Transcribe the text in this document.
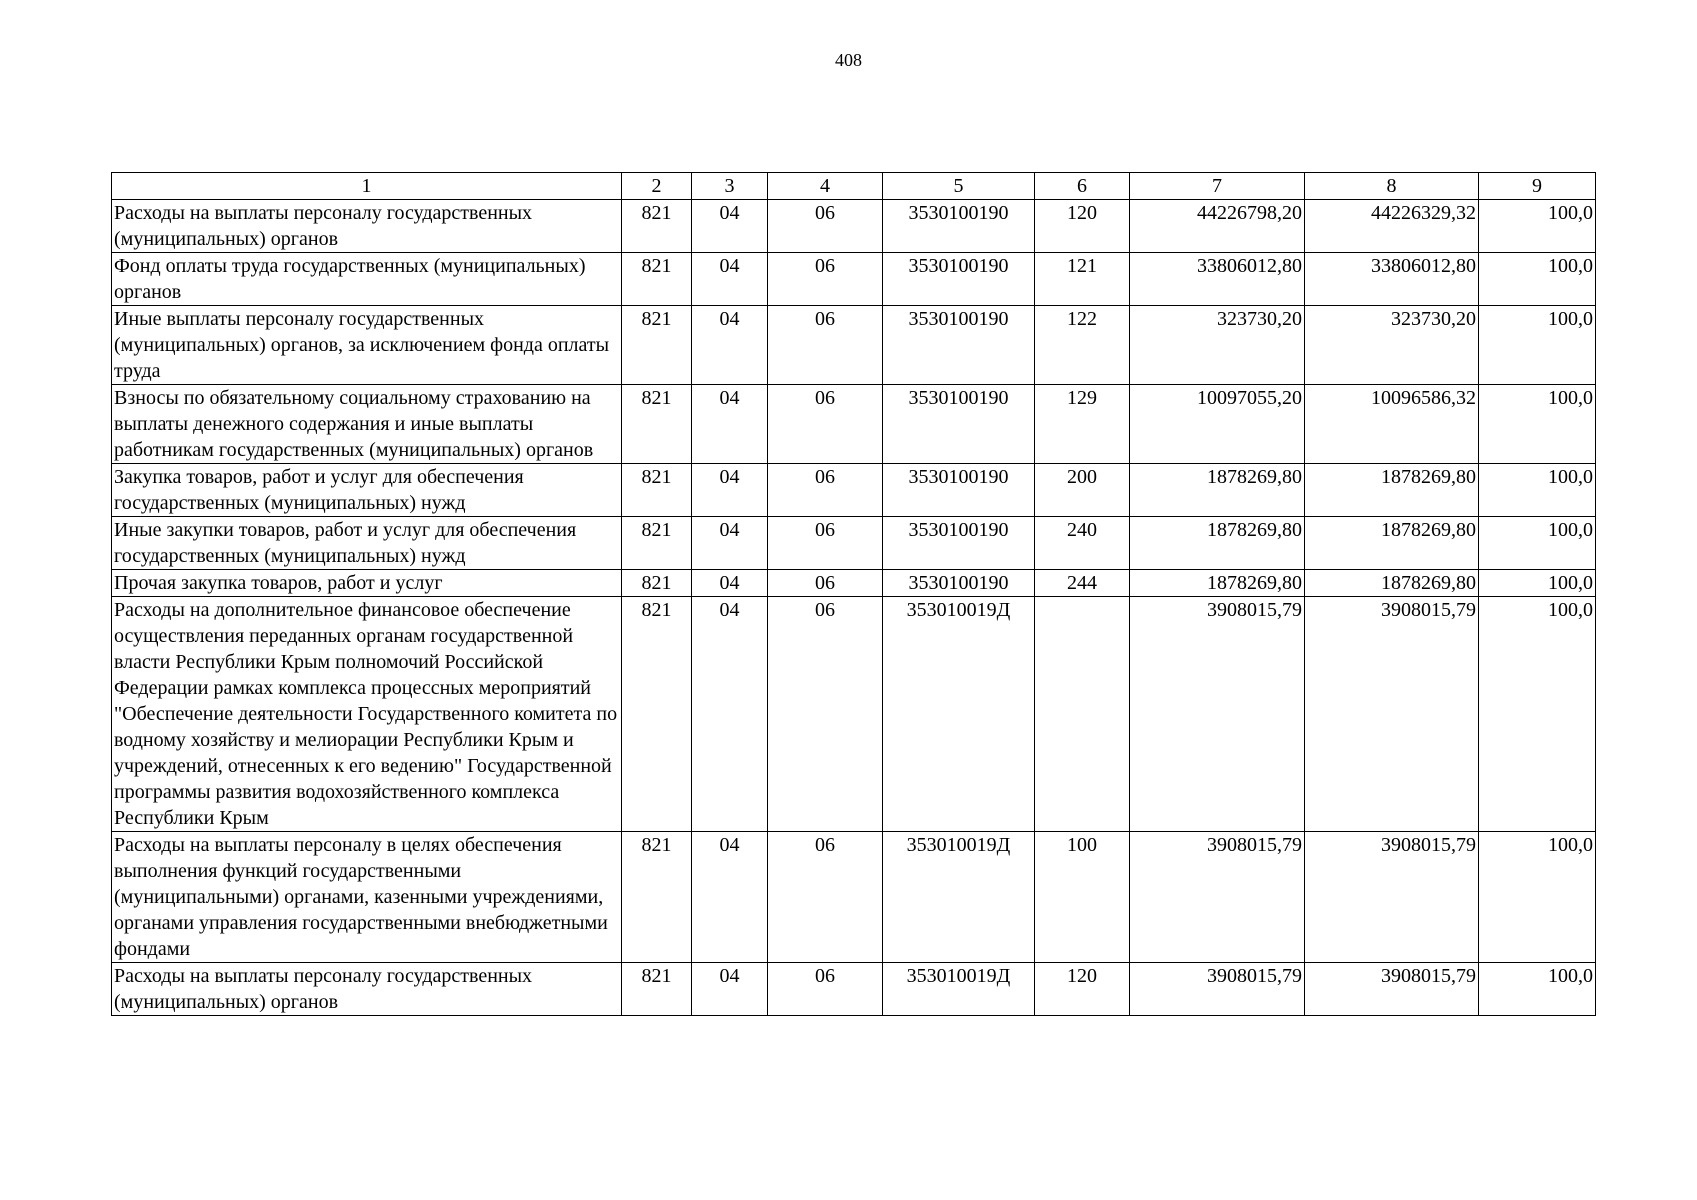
408
1	2	3	4	5	6	7	8	9
Расходы на выплаты персоналу государственных (муниципальных) органов	821	04	06	3530100190	120	44226798,20	44226329,32	100,0
Фонд оплаты труда государственных (муниципальных) органов	821	04	06	3530100190	121	33806012,80	33806012,80	100,0
Иные выплаты персоналу государственных (муниципальных) органов, за исключением фонда оплаты труда	821	04	06	3530100190	122	323730,20	323730,20	100,0
Взносы по обязательному социальному страхованию на выплаты денежного содержания и иные выплаты работникам государственных (муниципальных) органов	821	04	06	3530100190	129	10097055,20	10096586,32	100,0
Закупка товаров, работ и услуг для обеспечения государственных (муниципальных) нужд	821	04	06	3530100190	200	1878269,80	1878269,80	100,0
Иные закупки товаров, работ и услуг для обеспечения государственных (муниципальных) нужд	821	04	06	3530100190	240	1878269,80	1878269,80	100,0
Прочая закупка товаров, работ и услуг	821	04	06	3530100190	244	1878269,80	1878269,80	100,0
Расходы на дополнительное финансовое обеспечение осуществления переданных органам государственной власти Республики Крым полномочий Российской Федерации рамках комплекса процессных мероприятий "Обеспечение деятельности Государственного комитета по водному хозяйству и мелиорации Республики Крым и учреждений, отнесенных к его ведению" Государственной программы развития водохозяйственного комплекса Республики Крым	821	04	06	353010019Д		3908015,79	3908015,79	100,0
Расходы на выплаты персоналу в целях обеспечения выполнения функций государственными (муниципальными) органами, казенными учреждениями, органами управления государственными внебюджетными фондами	821	04	06	353010019Д	100	3908015,79	3908015,79	100,0
Расходы на выплаты персоналу государственных (муниципальных) органов	821	04	06	353010019Д	120	3908015,79	3908015,79	100,0
